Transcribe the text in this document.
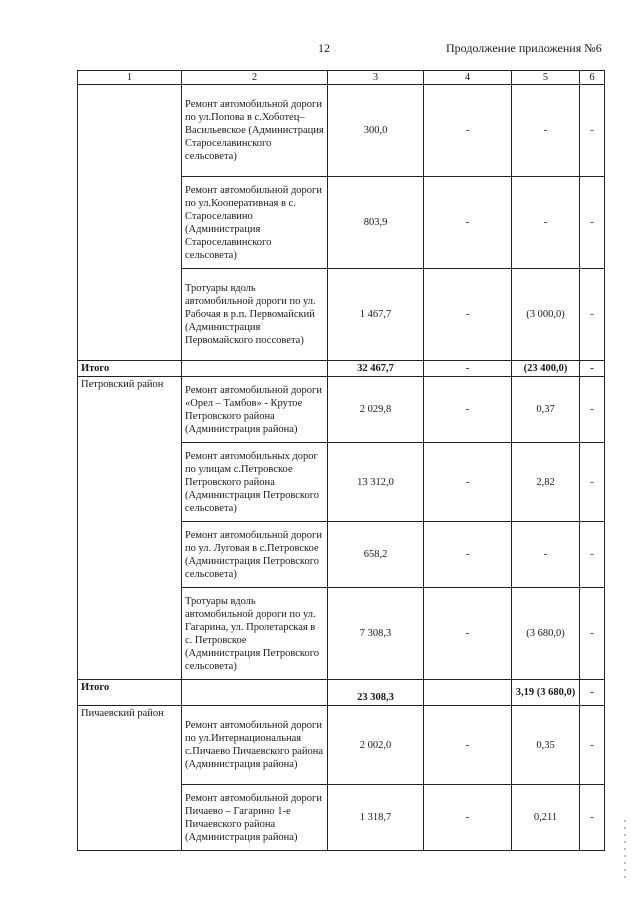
12	Продолжение приложения №6
1	2	3	4	5	6
	Ремонт автомобильной дороги по ул.Попова в с.Хоботец–Васильевское (Администрация Староселавинского сельсовета)	300,0	-	-	-
	Ремонт автомобильной дороги по ул.Кооперативная в с. Староселавино (Администрация Староселавинского сельсовета)	803,9	-	-	-
	Тротуары вдоль автомобильной дороги по ул. Рабочая в р.п. Первомайский (Администрация Первомайского поссовета)	1 467,7	-	(3 000,0)	-
Итого		32 467,7	-	(23 400,0)	-
Петровский район	Ремонт автомобильной дороги «Орел – Тамбов» - Крутое Петровского района (Администрация района)	2 029,8	-	0,37	-
	Ремонт автомобильных дорог по улицам с.Петровское Петровского района (Администрация Петровского сельсовета)	13 312,0	-	2,82	-
	Ремонт автомобильной дороги по ул. Луговая в с.Петровское (Администрация Петровского сельсовета)	658,2	-	-	-
	Тротуары вдоль автомобильной дороги по ул. Гагарина, ул. Пролетарская в с. Петровское (Администрация Петровского сельсовета)	7 308,3	-	(3 680,0)	-
Итого		23 308,3		3,19 (3 680,0)	-
Пичаевский район	Ремонт автомобильной дороги по ул.Интернациональная с.Пичаево Пичаевского района (Администрация района)	2 002,0	-	0,35	-
	Ремонт автомобильной дороги Пичаево – Гагарино 1-е Пичаевского района (Администрация района)	1 318,7	-	0,211	-
